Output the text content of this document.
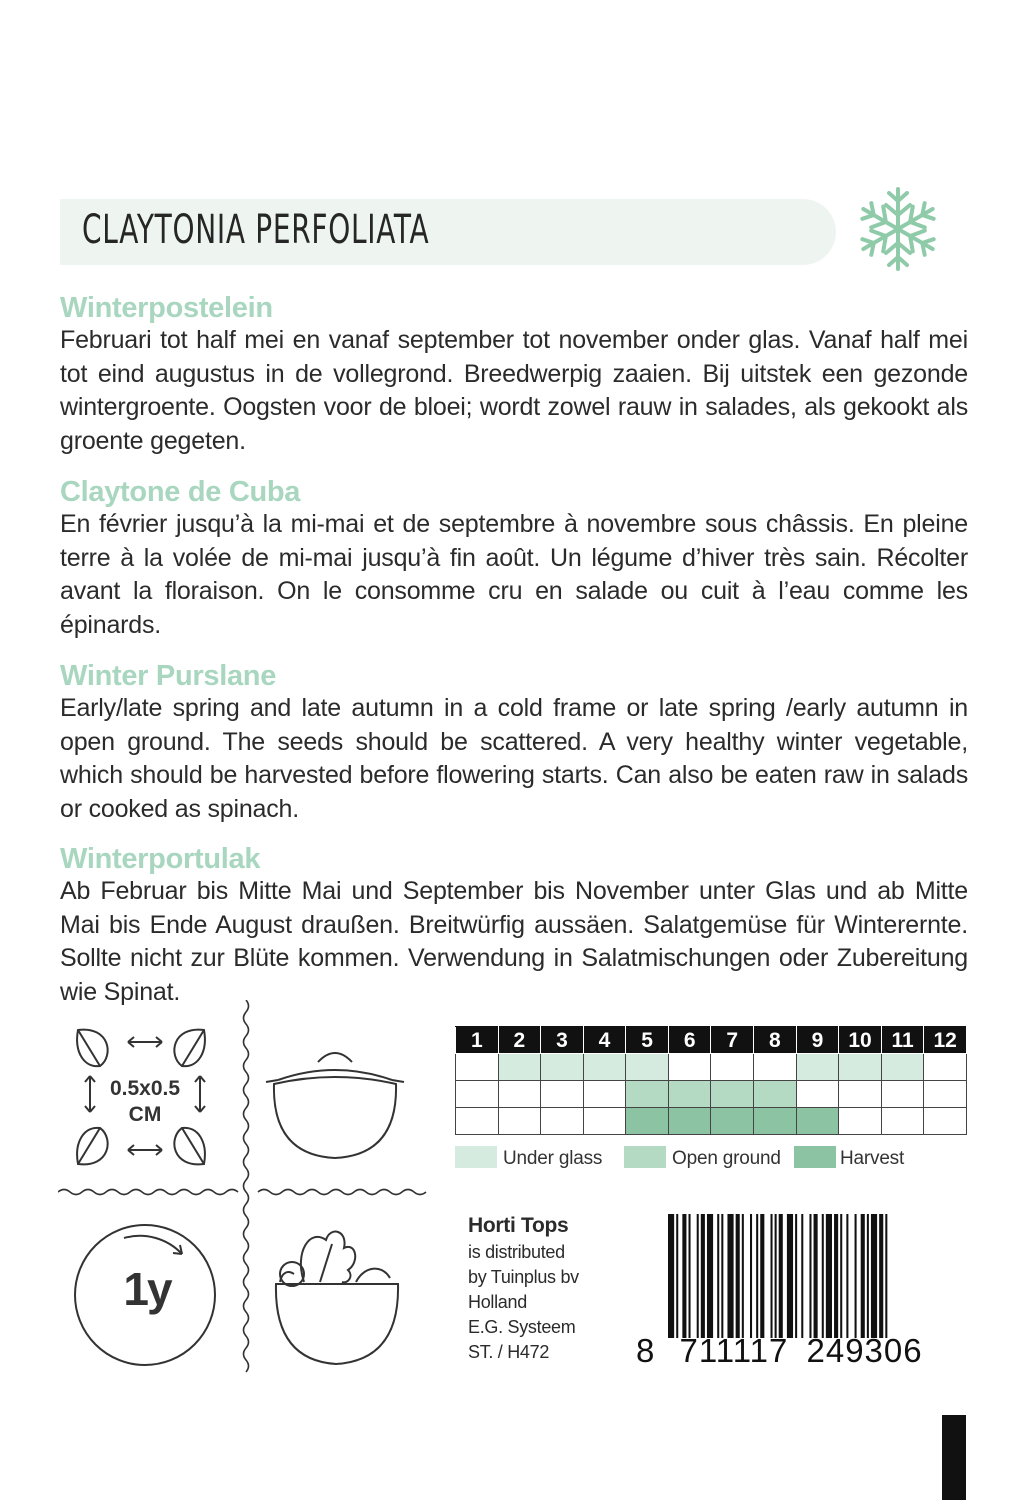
CLAYTONIA PERFOLIATA
Winterpostelein
Februari tot half mei en vanaf september tot november onder glas. Vanaf half mei tot eind augustus in de vollegrond. Breedwerpig zaaien. Bij uitstek een gezonde wintergroente. Oogsten voor de bloei; wordt zowel rauw in salades, als gekookt als groente gegeten.
Claytone de Cuba
En février jusqu’à la mi-mai et de septembre à novembre sous châssis. En pleine terre à la volée de mi-mai jusqu’à fin août. Un légume d’hiver très sain. Récolter avant la floraison. On le consomme cru en salade ou cuit à l’eau comme les épinards.
Winter Purslane
Early/late spring and late autumn in a cold frame or late spring /early autumn in open ground. The seeds should be scattered. A very healthy winter vegetable, which should be harvested before flowering starts. Can also be eaten raw in salads or cooked as spinach.
Winterportulak
Ab Februar bis Mitte Mai und September bis November unter Glas und ab Mitte Mai bis Ende August draußen. Breitwürfig aussäen. Salatgemüse für Winterernte. Sollte nicht zur Blüte kommen. Verwendung in Salatmischungen oder Zubereitung wie Spinat.
0.5x0.5
CM
1y
1	2	3	4	5	6	7	8	9	10	11	12

Under glass	Open ground	Harvest
Horti Tops
is distributed
by Tuinplus bv
Holland
E.G. Systeem
ST. / H472	8 711117 249306
